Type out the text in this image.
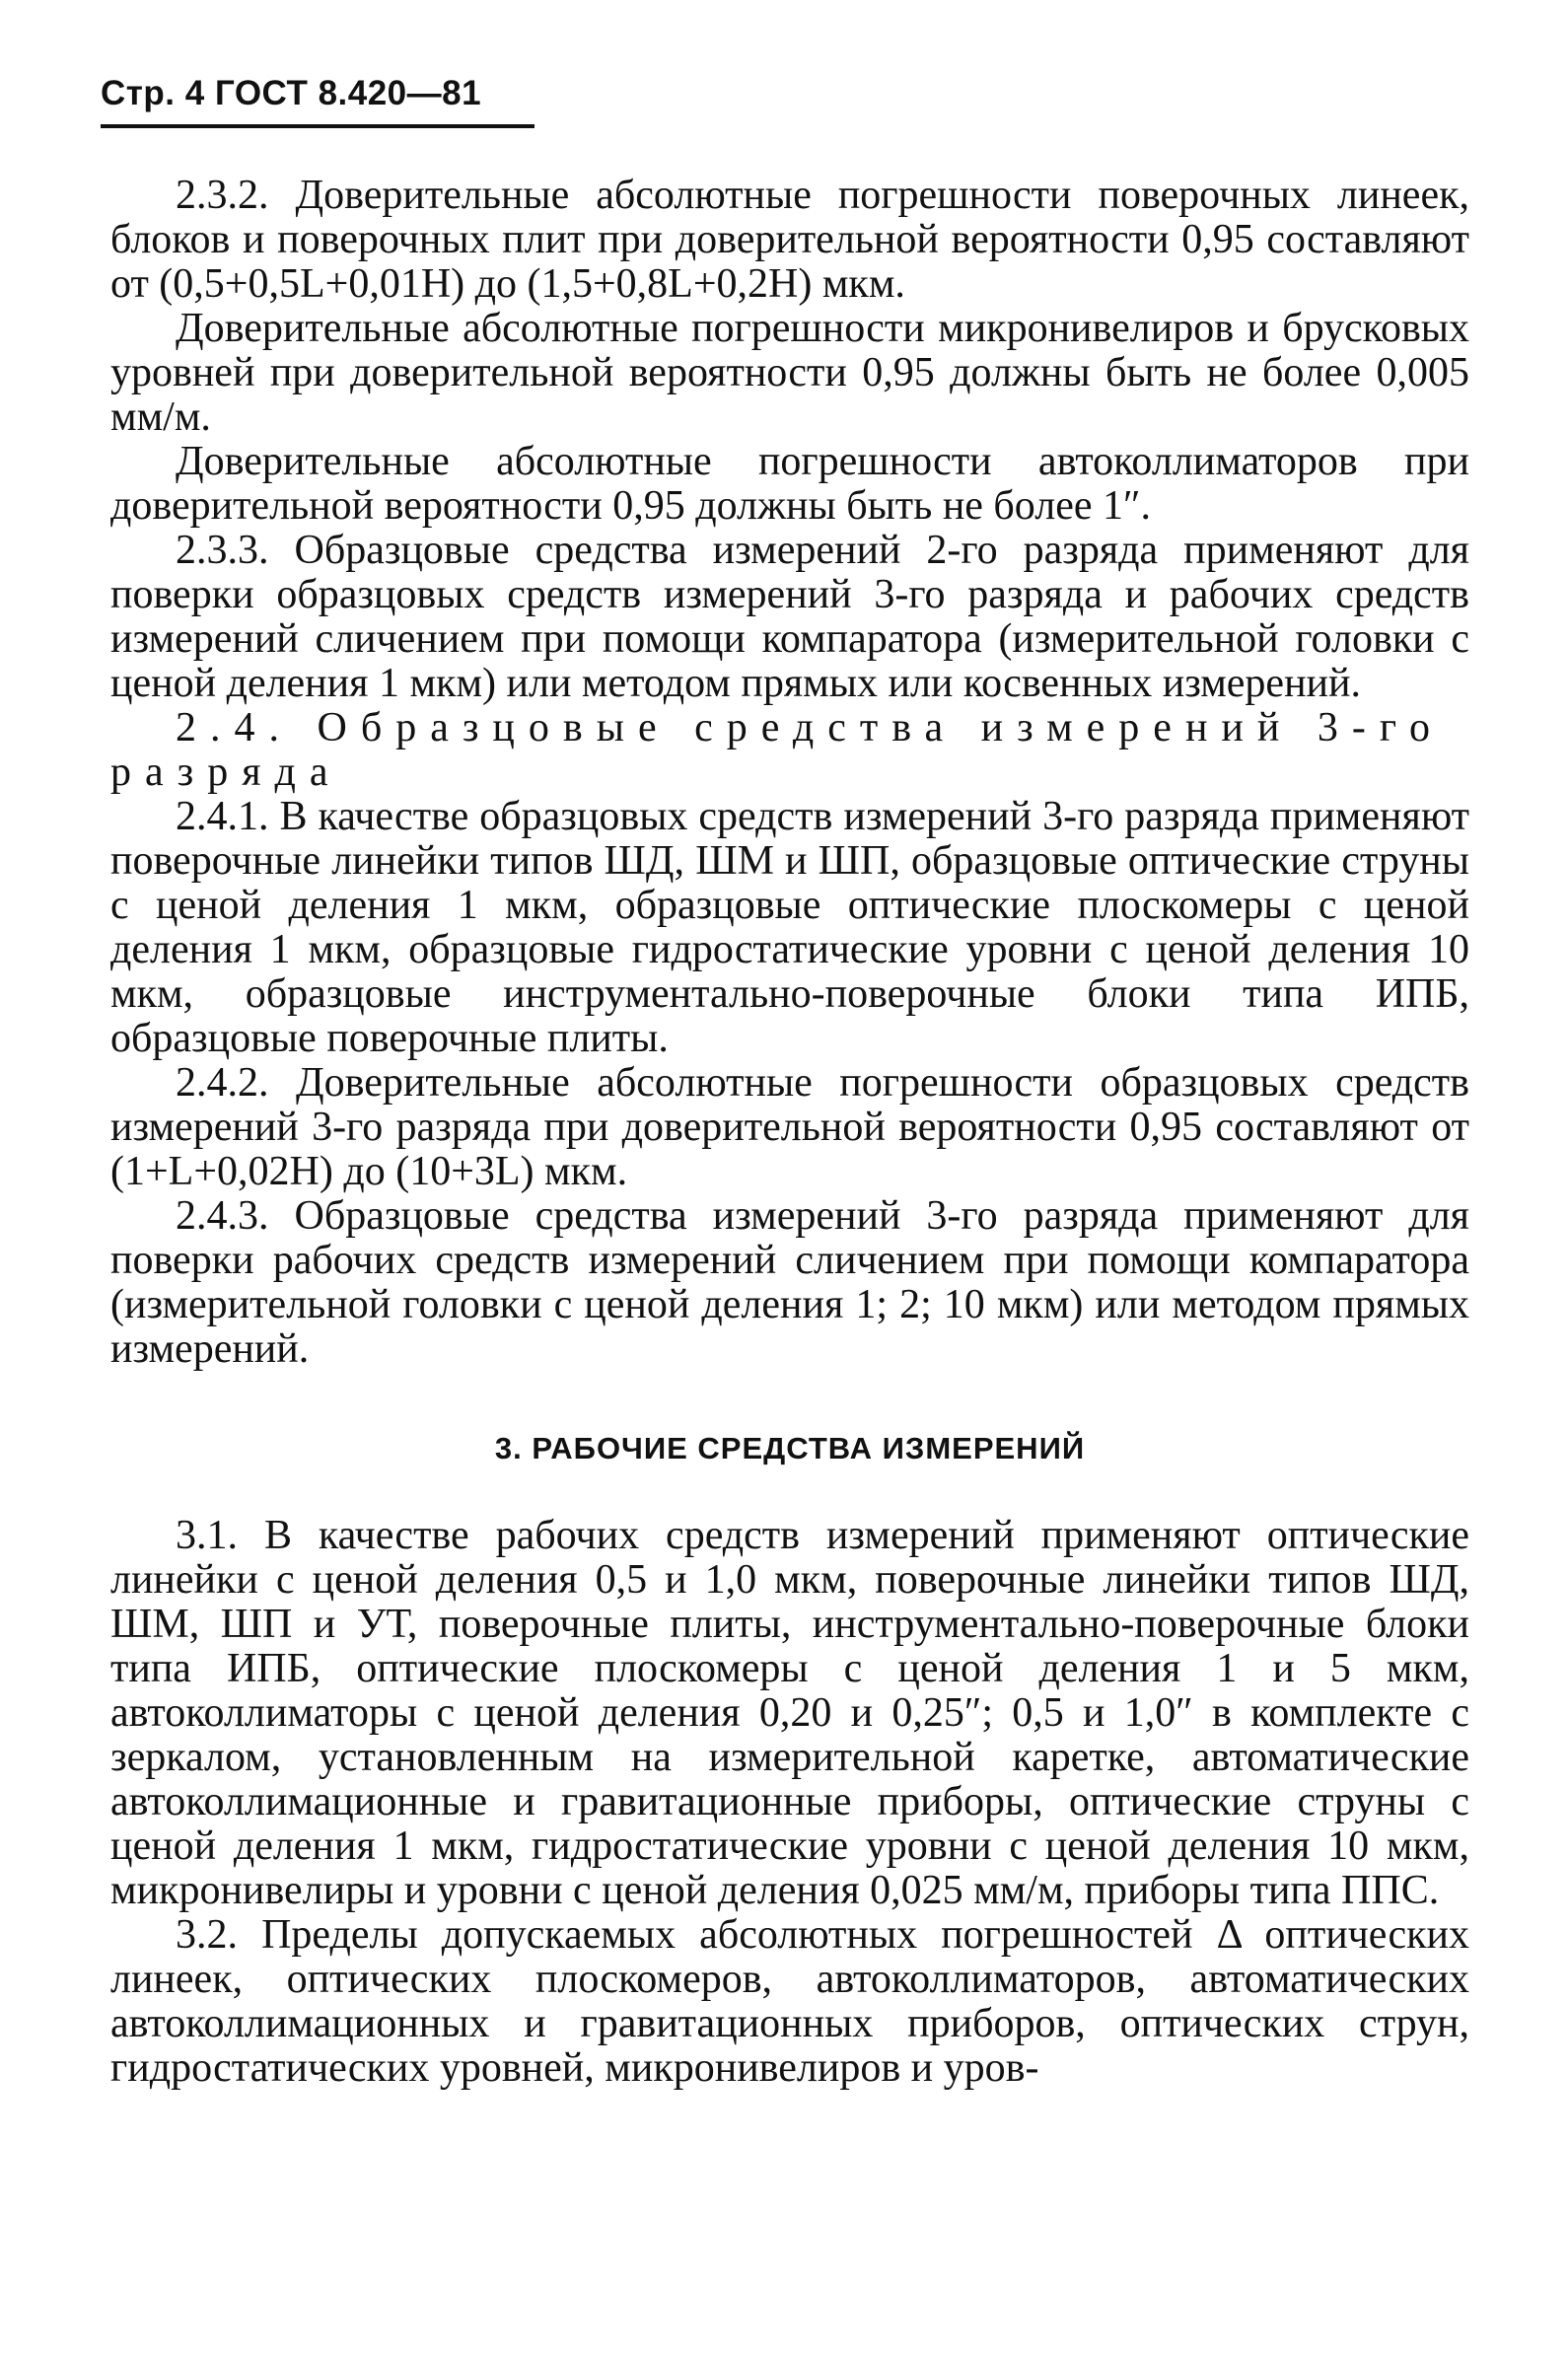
Стр. 4 ГОСТ 8.420—81

2.3.2. Доверительные абсолютные погрешности поверочных линеек, блоков и поверочных плит при доверительной вероятности 0,95 составляют от (0,5+0,5L+0,01H) до (1,5+0,8L+0,2H) мкм.

Доверительные абсолютные погрешности микронивелиров и брусковых уровней при доверительной вероятности 0,95 должны быть не более 0,005 мм/м.

Доверительные абсолютные погрешности автоколлиматоров при доверительной вероятности 0,95 должны быть не более 1″.

2.3.3. Образцовые средства измерений 2-го разряда применяют для поверки образцовых средств измерений 3-го разряда и рабочих средств измерений сличением при помощи компаратора (измерительной головки с ценой деления 1 мкм) или методом прямых или косвенных измерений.

2.4. Образцовые средства измерений 3-го разряда

2.4.1. В качестве образцовых средств измерений 3-го разряда применяют поверочные линейки типов ШД, ШМ и ШП, образцовые оптические струны с ценой деления 1 мкм, образцовые оптические плоскомеры с ценой деления 1 мкм, образцовые гидростатические уровни с ценой деления 10 мкм, образцовые инструментально-поверочные блоки типа ИПБ, образцовые поверочные плиты.

2.4.2. Доверительные абсолютные погрешности образцовых средств измерений 3-го разряда при доверительной вероятности 0,95 составляют от (1+L+0,02H) до (10+3L) мкм.

2.4.3. Образцовые средства измерений 3-го разряда применяют для поверки рабочих средств измерений сличением при помощи компаратора (измерительной головки с ценой деления 1; 2; 10 мкм) или методом прямых измерений.

3. РАБОЧИЕ СРЕДСТВА ИЗМЕРЕНИЙ

3.1. В качестве рабочих средств измерений применяют оптические линейки с ценой деления 0,5 и 1,0 мкм, поверочные линейки типов ШД, ШМ, ШП и УТ, поверочные плиты, инструментально-поверочные блоки типа ИПБ, оптические плоскомеры с ценой деления 1 и 5 мкм, автоколлиматоры с ценой деления 0,20 и 0,25″; 0,5 и 1,0″ в комплекте с зеркалом, установленным на измерительной каретке, автоматические автоколлимационные и гравитационные приборы, оптические струны с ценой деления 1 мкм, гидростатические уровни с ценой деления 10 мкм, микронивелиры и уровни с ценой деления 0,025 мм/м, приборы типа ППС.

3.2. Пределы допускаемых абсолютных погрешностей Δ оптических линеек, оптических плоскомеров, автоколлиматоров, автоматических автоколлимационных и гравитационных приборов, оптических струн, гидростатических уровней, микронивелиров и уров-
